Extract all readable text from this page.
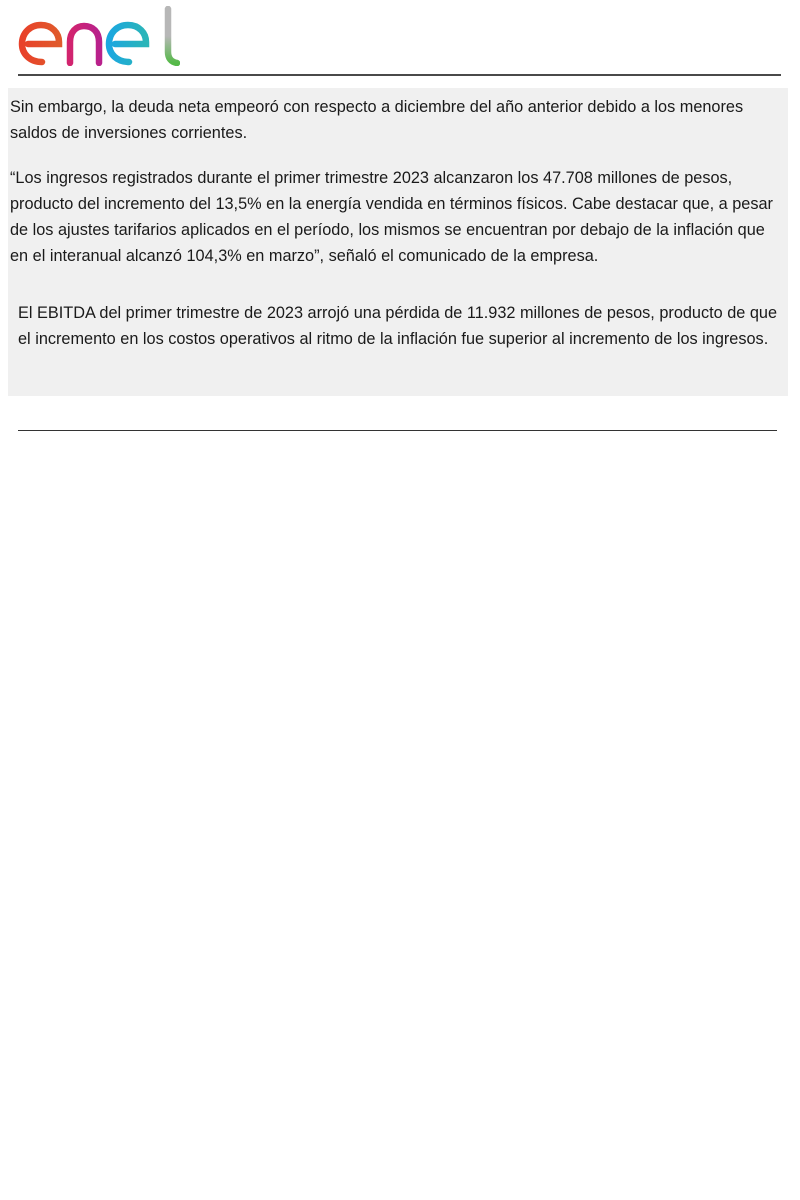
Sin embargo, la deuda neta empeoró con respecto a diciembre del año anterior debido a los menores saldos de inversiones corrientes.

“Los ingresos registrados durante el primer trimestre 2023 alcanzaron los 47.708 millones de pesos, producto del incremento del 13,5% en la energía vendida en términos físicos. Cabe destacar que, a pesar de los ajustes tarifarios aplicados en el período, los mismos se encuentran por debajo de la inflación que en el interanual alcanzó 104,3% en marzo”, señaló el comunicado de la empresa.

El EBITDA del primer trimestre de 2023 arrojó una pérdida de 11.932 millones de pesos, producto de que el incremento en los costos operativos al ritmo de la inflación fue superior al incremento de los ingresos.
